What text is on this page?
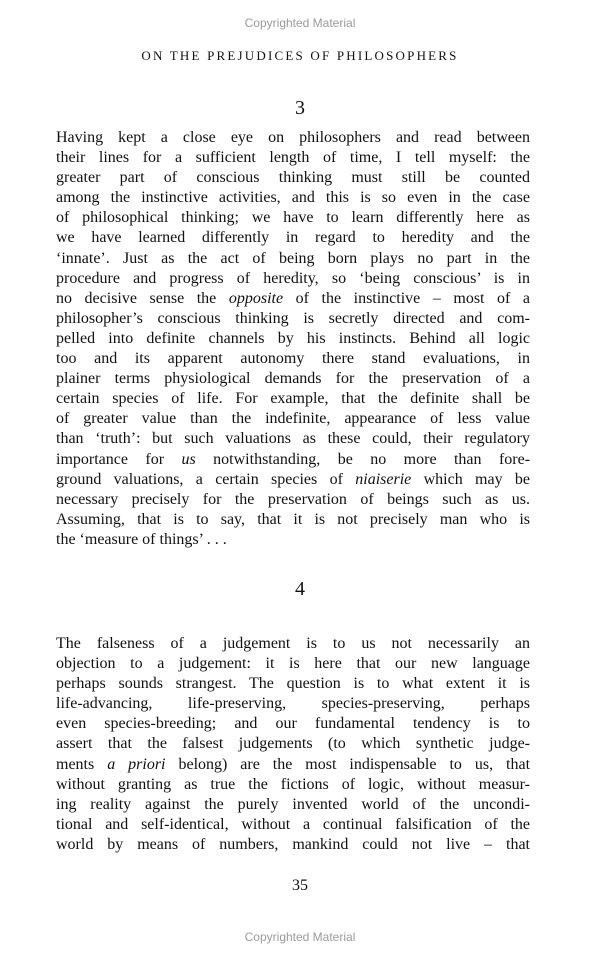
Copyrighted Material
ON THE PREJUDICES OF PHILOSOPHERS
3
Having kept a close eye on philosophers and read between
their lines for a sufficient length of time, I tell myself: the
greater part of conscious thinking must still be counted
among the instinctive activities, and this is so even in the case
of philosophical thinking; we have to learn differently here as
we have learned differently in regard to heredity and the
‘innate’. Just as the act of being born plays no part in the
procedure and progress of heredity, so ‘being conscious’ is in
no decisive sense the opposite of the instinctive – most of a
philosopher’s conscious thinking is secretly directed and com-
pelled into definite channels by his instincts. Behind all logic
too and its apparent autonomy there stand evaluations, in
plainer terms physiological demands for the preservation of a
certain species of life. For example, that the definite shall be
of greater value than the indefinite, appearance of less value
than ‘truth’: but such valuations as these could, their regulatory
importance for us notwithstanding, be no more than fore-
ground valuations, a certain species of niaiserie which may be
necessary precisely for the preservation of beings such as us.
Assuming, that is to say, that it is not precisely man who is
the ‘measure of things’ . . .
4
The falseness of a judgement is to us not necessarily an
objection to a judgement: it is here that our new language
perhaps sounds strangest. The question is to what extent it is
life-advancing, life-preserving, species-preserving, perhaps
even species-breeding; and our fundamental tendency is to
assert that the falsest judgements (to which synthetic judge-
ments a priori belong) are the most indispensable to us, that
without granting as true the fictions of logic, without measur-
ing reality against the purely invented world of the uncondi-
tional and self-identical, without a continual falsification of the
world by means of numbers, mankind could not live – that
35
Copyrighted Material
